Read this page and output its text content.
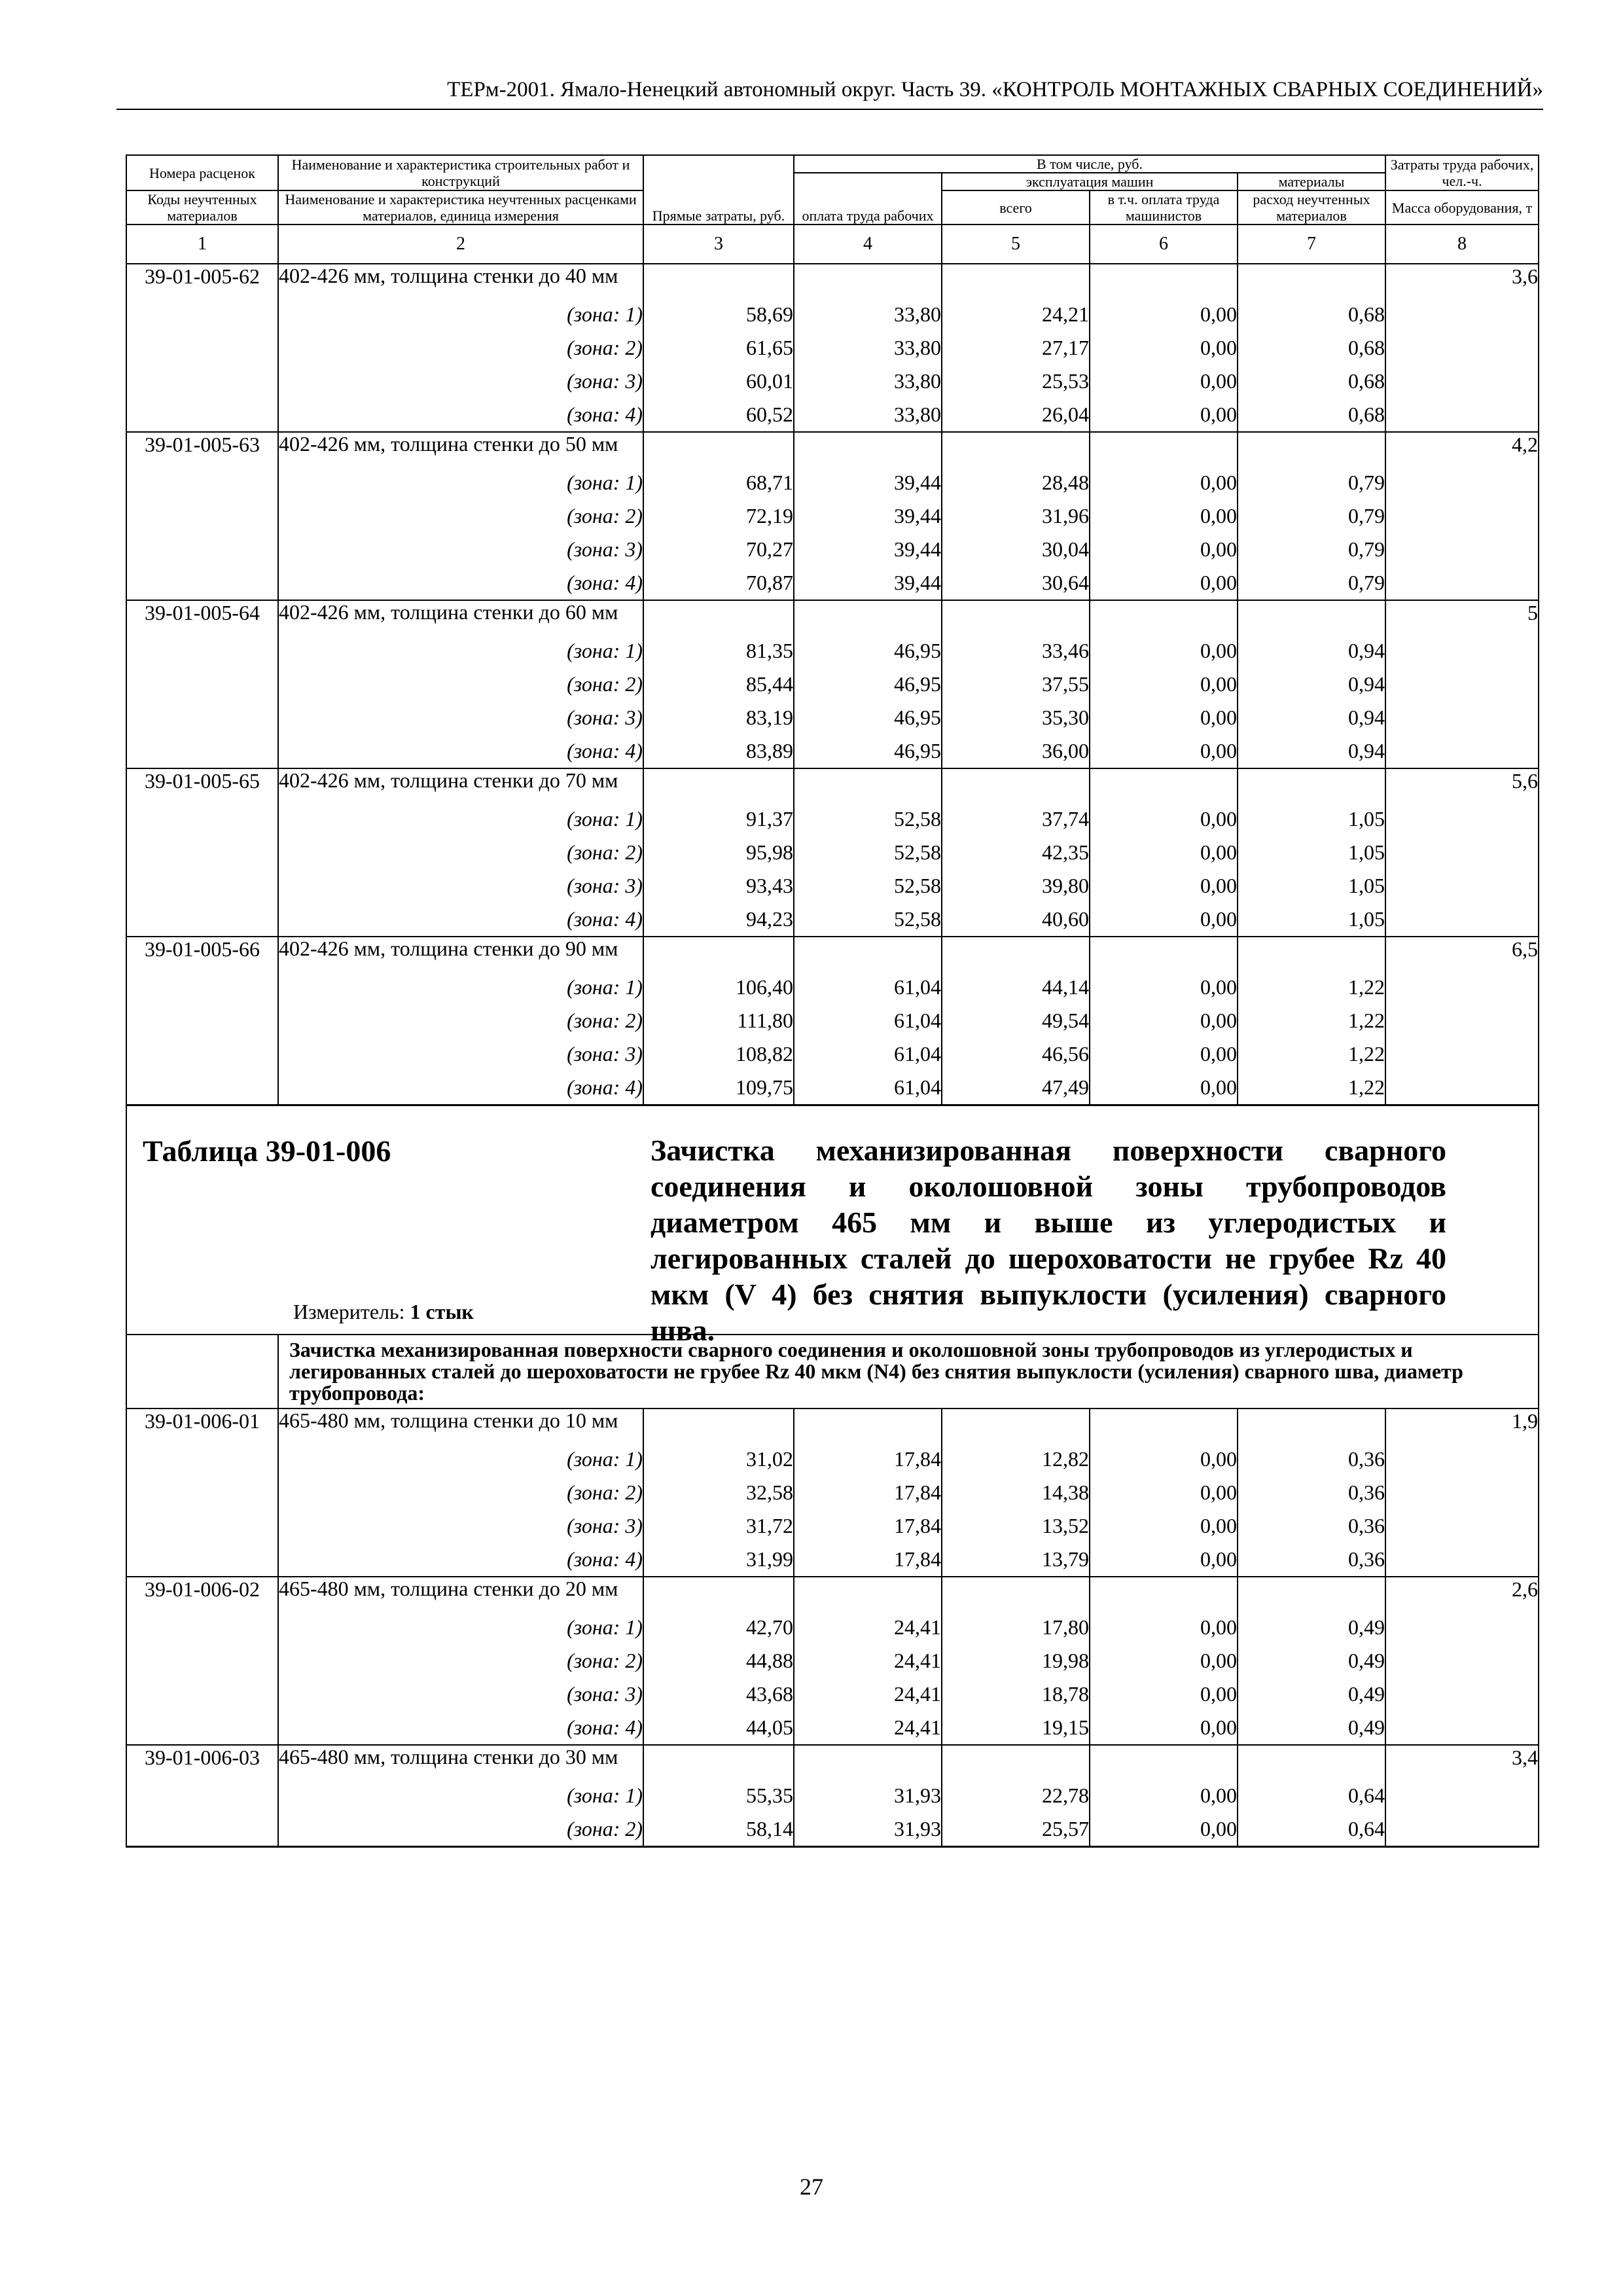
ТЕРм-2001. Ямало-Ненецкий автономный округ. Часть 39. «КОНТРОЛЬ МОНТАЖНЫХ СВАРНЫХ СОЕДИНЕНИЙ»
Номера расценок	Наименование и характеристика строительных работ и конструкций	Прямые затраты, руб.	В том числе, руб.				Затраты труда рабочих, чел.-ч.
			оплата труда рабочих	эксплуатация машин		материалы	
Коды неучтенных материалов	Наименование и характеристика неучтенных расценками материалов, единица измерения			всего	в т.ч. оплата труда машинистов	расход неучтенных материалов	Масса оборудования, т
1	2	3	4	5	6	7	8
39-01-005-62	402-426 мм, толщина стенки до 40 мм						3,6
	(зона: 1)	58,69	33,80	24,21	0,00	0,68	
	(зона: 2)	61,65	33,80	27,17	0,00	0,68	
	(зона: 3)	60,01	33,80	25,53	0,00	0,68	
	(зона: 4)	60,52	33,80	26,04	0,00	0,68	
39-01-005-63	402-426 мм, толщина стенки до 50 мм						4,2
	(зона: 1)	68,71	39,44	28,48	0,00	0,79	
	(зона: 2)	72,19	39,44	31,96	0,00	0,79	
	(зона: 3)	70,27	39,44	30,04	0,00	0,79	
	(зона: 4)	70,87	39,44	30,64	0,00	0,79	
39-01-005-64	402-426 мм, толщина стенки до 60 мм						5
	(зона: 1)	81,35	46,95	33,46	0,00	0,94	
	(зона: 2)	85,44	46,95	37,55	0,00	0,94	
	(зона: 3)	83,19	46,95	35,30	0,00	0,94	
	(зона: 4)	83,89	46,95	36,00	0,00	0,94	
39-01-005-65	402-426 мм, толщина стенки до 70 мм						5,6
	(зона: 1)	91,37	52,58	37,74	0,00	1,05	
	(зона: 2)	95,98	52,58	42,35	0,00	1,05	
	(зона: 3)	93,43	52,58	39,80	0,00	1,05	
	(зона: 4)	94,23	52,58	40,60	0,00	1,05	
39-01-005-66	402-426 мм, толщина стенки до 90 мм						6,5
	(зона: 1)	106,40	61,04	44,14	0,00	1,22	
	(зона: 2)	111,80	61,04	49,54	0,00	1,22	
	(зона: 3)	108,82	61,04	46,56	0,00	1,22	
	(зона: 4)	109,75	61,04	47,49	0,00	1,22	

Таблица 39-01-006 Зачистка механизированная поверхности сварного соединения и околошовной зоны трубопроводов диаметром 465 мм и выше из углеродистых и легированных сталей до шероховатости не грубее Rz 40 мкм (V 4) без снятия выпуклости (усиления) сварного шва.
Измеритель: 1 стык							

	Зачистка механизированная поверхности сварного соединения и околошовной зоны трубопроводов из углеродистых и легированных сталей до шероховатости не грубее Rz 40 мкм (N4) без снятия выпуклости (усиления) сварного шва, диаметр трубопровода:						
39-01-006-01	465-480 мм, толщина стенки до 10 мм						1,9
	(зона: 1)	31,02	17,84	12,82	0,00	0,36	
	(зона: 2)	32,58	17,84	14,38	0,00	0,36	
	(зона: 3)	31,72	17,84	13,52	0,00	0,36	
	(зона: 4)	31,99	17,84	13,79	0,00	0,36	
39-01-006-02	465-480 мм, толщина стенки до 20 мм						2,6
	(зона: 1)	42,70	24,41	17,80	0,00	0,49	
	(зона: 2)	44,88	24,41	19,98	0,00	0,49	
	(зона: 3)	43,68	24,41	18,78	0,00	0,49	
	(зона: 4)	44,05	24,41	19,15	0,00	0,49	
39-01-006-03	465-480 мм, толщина стенки до 30 мм						3,4
	(зона: 1)	55,35	31,93	22,78	0,00	0,64	
	(зона: 2)	58,14	31,93	25,57	0,00	0,64	
27
